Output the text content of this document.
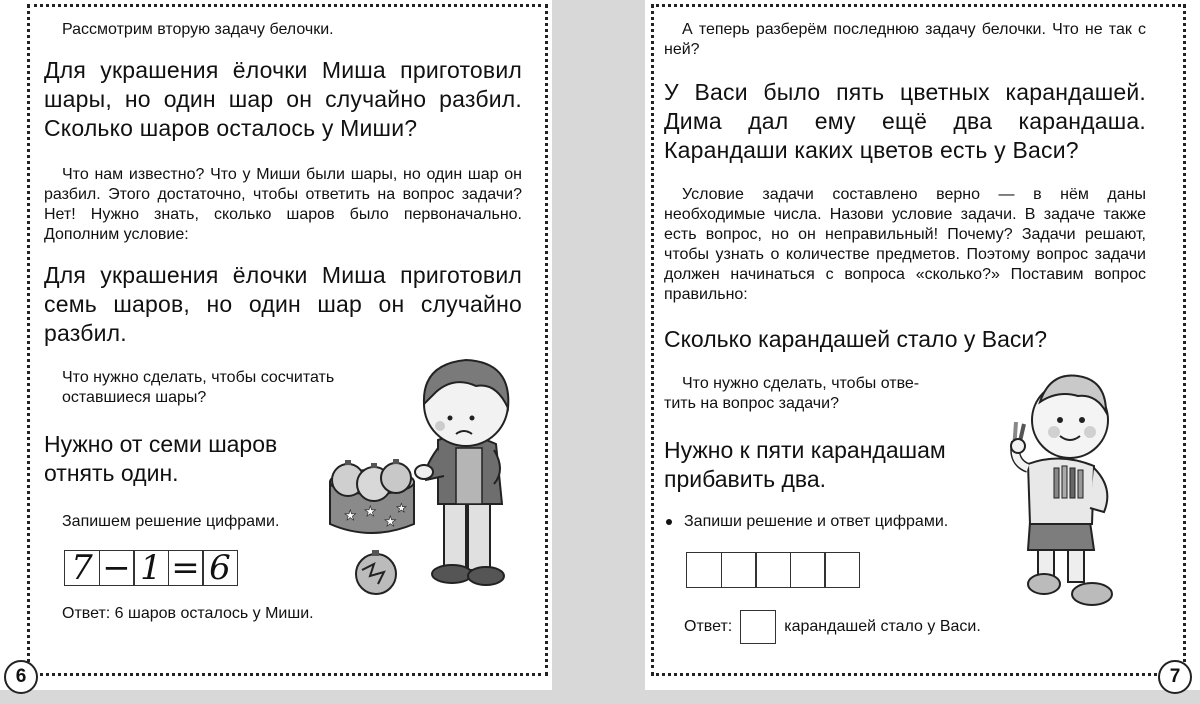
Рассмотрим вторую задачу белочки.

Для украшения ёлочки Миша приготовил шары, но один шар он случайно разбил. Сколько шаров осталось у Миши?

Что нам известно? Что у Миши были шары, но один шар он разбил. Этого достаточно, чтобы ответить на вопрос задачи? Нет! Нужно знать, сколько шаров было первоначально. Дополним условие:

Для украшения ёлочки Миша приготовил семь шаров, но один шар он случайно разбил.

Что нужно сделать, чтобы сосчитать

оставшиеся шары?

Нужно от семи шаров

отнять один.

Запишем решение цифрами.

7 − 1 = 6

Ответ: 6 шаров осталось у Миши.

★ ★
★
★

А теперь разберём последнюю задачу белочки. Что не так с ней?

У Васи было пять цветных карандашей. Дима дал ему ещё два карандаша. Карандаши каких цветов есть у Васи?

Условие задачи составлено верно — в нём даны необходимые числа. Назови условие задачи. В задаче также есть вопрос, но он неправильный! Почему? Задачи решают, чтобы узнать о количестве предметов. Поэтому вопрос задачи должен начинаться с вопроса «сколько?» Поставим вопрос правильно:

Сколько карандашей стало у Васи?

Что нужно сделать, чтобы отве-

тить на вопрос задачи?

Нужно к пяти карандашам

прибавить два.

Запиши решение и ответ цифрами.

Ответ:	карандашей стало у Васи.

6	7
